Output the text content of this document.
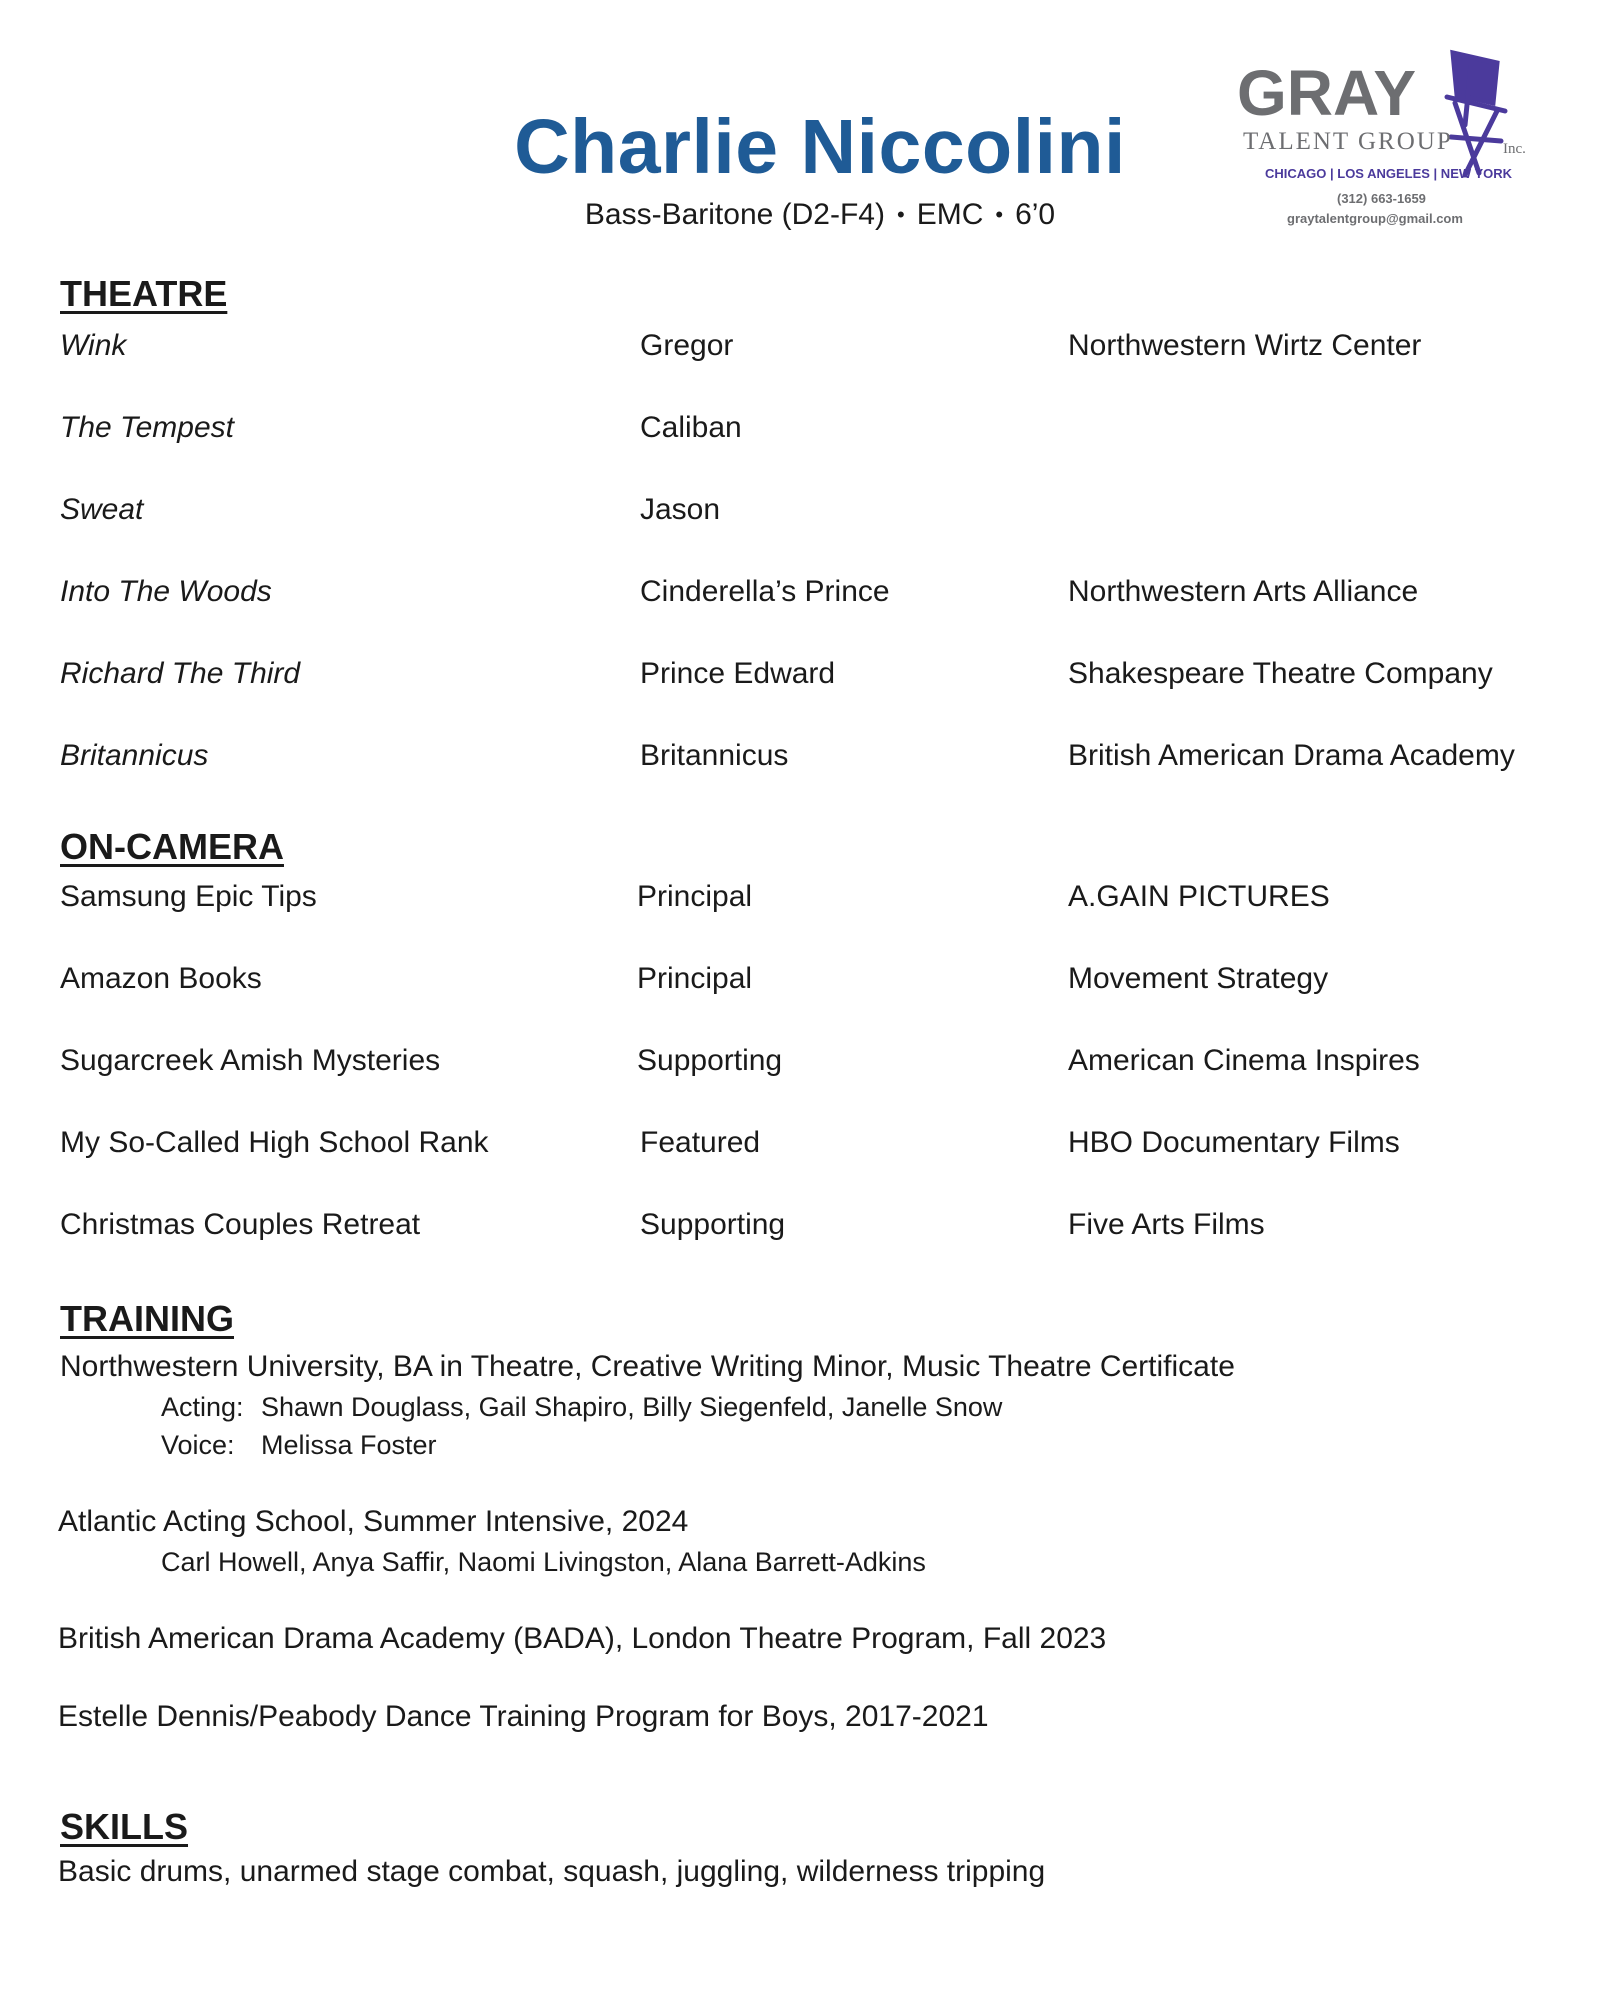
Charlie Niccolini
Bass-Baritone (D2-F4) • EMC • 6’0
GRAY
TALENT GROUP	Inc.
CHICAGO | LOS ANGELES | NEW YORK
(312) 663-1659
graytalentgroup@gmail.com
THEATRE
Wink	Gregor	Northwestern Wirtz Center
The Tempest	Caliban
Sweat	Jason
Into The Woods	Cinderella’s Prince	Northwestern Arts Alliance
Richard The Third	Prince Edward	Shakespeare Theatre Company
Britannicus	Britannicus	British American Drama Academy
ON-CAMERA
Samsung Epic Tips	Principal	A.GAIN PICTURES
Amazon Books	Principal	Movement Strategy
Sugarcreek Amish Mysteries	Supporting	American Cinema Inspires
My So-Called High School Rank	Featured	HBO Documentary Films
Christmas Couples Retreat	Supporting	Five Arts Films
TRAINING
Northwestern University, BA in Theatre, Creative Writing Minor, Music Theatre Certificate
Acting: Shawn Douglass, Gail Shapiro, Billy Siegenfeld, Janelle Snow
Voice: Melissa Foster
Atlantic Acting School, Summer Intensive, 2024
Carl Howell, Anya Saffir, Naomi Livingston, Alana Barrett-Adkins
British American Drama Academy (BADA), London Theatre Program, Fall 2023
Estelle Dennis/Peabody Dance Training Program for Boys, 2017-2021
SKILLS
Basic drums, unarmed stage combat, squash, juggling, wilderness tripping
